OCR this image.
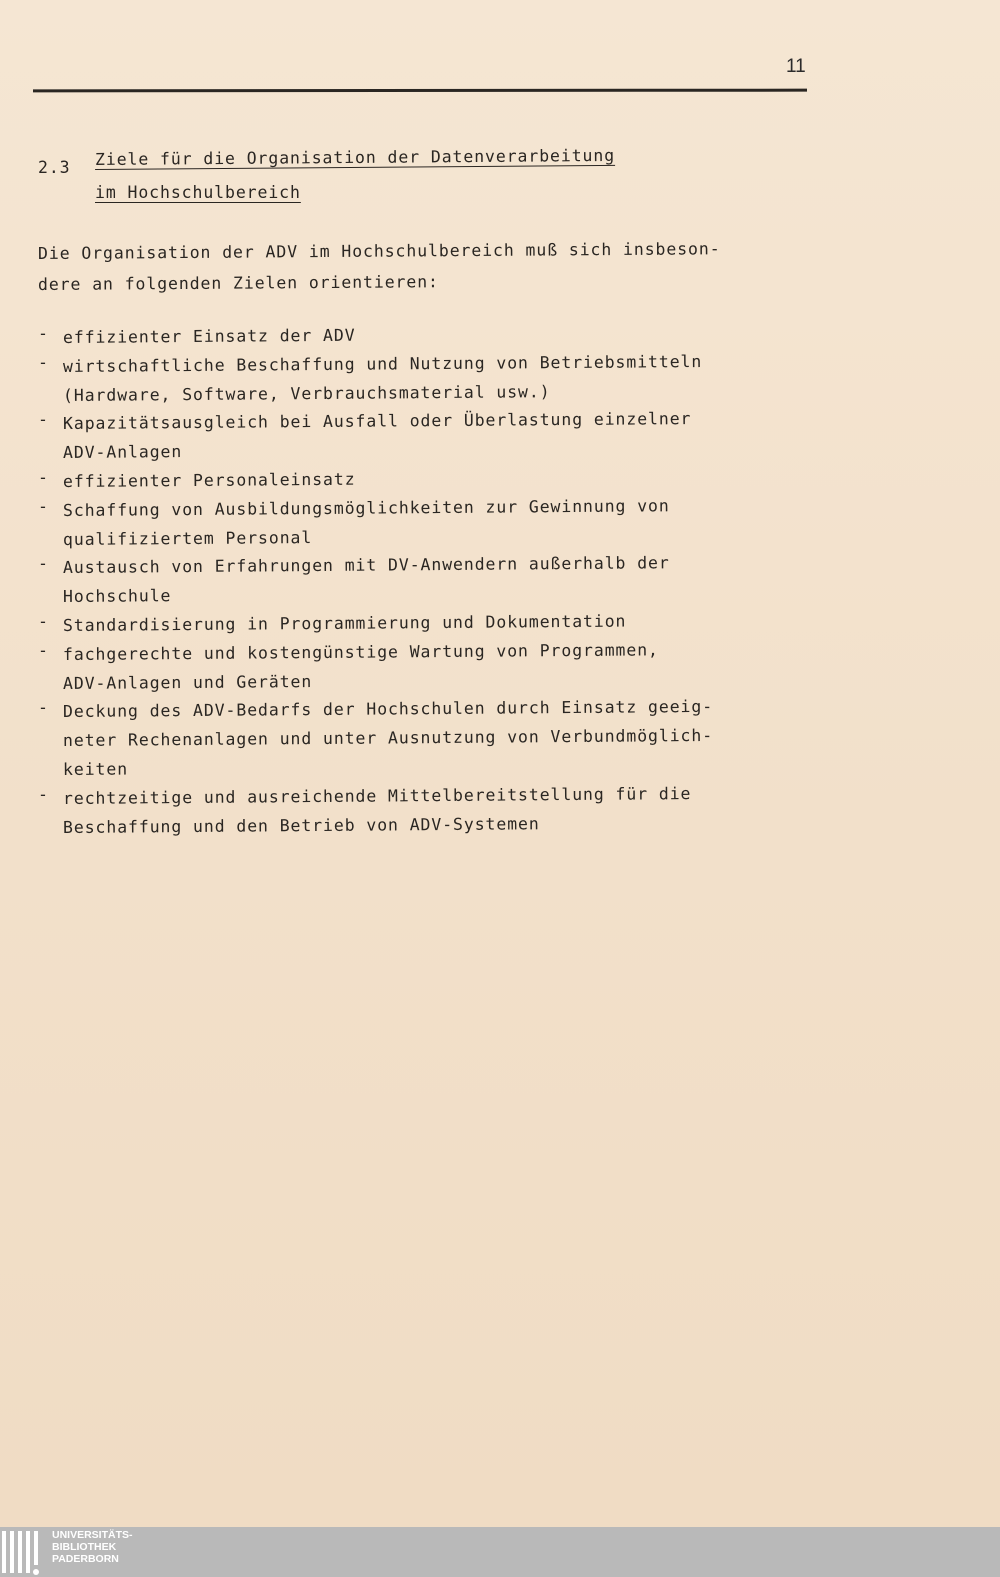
11
2.3 Ziele für die Organisation der Datenverarbeitung
im Hochschulbereich
Die Organisation der ADV im Hochschulbereich muß sich insbeson-
dere an folgenden Zielen orientieren:
- effizienter Einsatz der ADV
- wirtschaftliche Beschaffung und Nutzung von Betriebsmitteln
(Hardware, Software, Verbrauchsmaterial usw.)
- Kapazitätsausgleich bei Ausfall oder Überlastung einzelner
ADV-Anlagen
- effizienter Personaleinsatz
- Schaffung von Ausbildungsmöglichkeiten zur Gewinnung von
qualifiziertem Personal
- Austausch von Erfahrungen mit DV-Anwendern außerhalb der
Hochschule
- Standardisierung in Programmierung und Dokumentation
- fachgerechte und kostengünstige Wartung von Programmen,
ADV-Anlagen und Geräten
- Deckung des ADV-Bedarfs der Hochschulen durch Einsatz geeig-
neter Rechenanlagen und unter Ausnutzung von Verbundmöglich-
keiten
- rechtzeitige und ausreichende Mittelbereitstellung für die
Beschaffung und den Betrieb von ADV-Systemen
UNIVERSITÄTS-
BIBLIOTHEK
PADERBORN
